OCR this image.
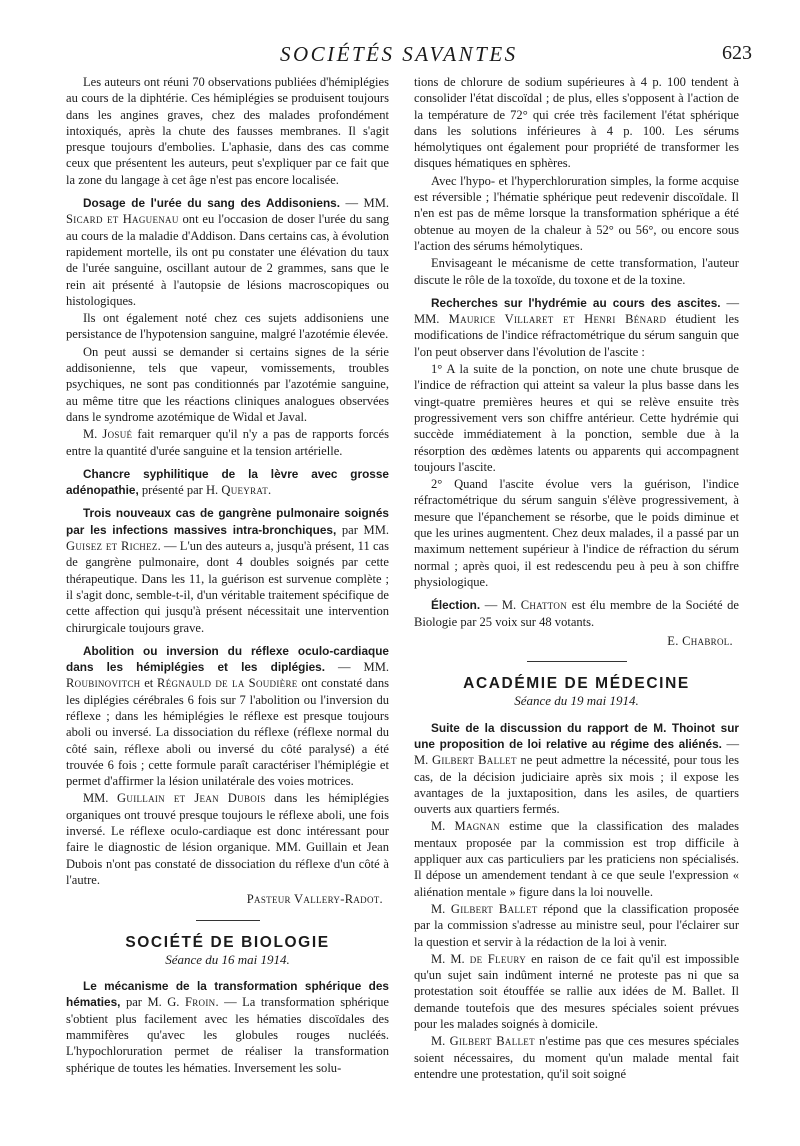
SOCIÉTÉS SAVANTES	623

Les auteurs ont réuni 70 observations publiées d'hémiplégies au cours de la diphtérie. Ces hémiplégies se produisent toujours dans les angines graves, chez des malades profondément intoxiqués, après la chute des fausses membranes. Il s'agit presque toujours d'embolies. L'aphasie, dans des cas comme ceux que présentent les auteurs, peut s'expliquer par ce fait que la zone du langage à cet âge n'est pas encore localisée.

Dosage de l'urée du sang des Addisoniens. — MM. Sicard et Haguenau ont eu l'occasion de doser l'urée du sang au cours de la maladie d'Addison. Dans certains cas, à évolution rapidement mortelle, ils ont pu constater une élévation du taux de l'urée sanguine, oscillant autour de 2 grammes, sans que le rein ait présenté à l'autopsie de lésions macroscopiques ou histologiques.

Ils ont également noté chez ces sujets addisoniens une persistance de l'hypotension sanguine, malgré l'azotémie élevée.

On peut aussi se demander si certains signes de la série addisonienne, tels que vapeur, vomissements, troubles psychiques, ne sont pas conditionnés par l'azotémie sanguine, au même titre que les réactions cliniques analogues observées dans le syndrome azotémique de Widal et Javal.

M. Josué fait remarquer qu'il n'y a pas de rapports forcés entre la quantité d'urée sanguine et la tension artérielle.

Chancre syphilitique de la lèvre avec grosse adénopathie, présenté par H. Queyrat.

Trois nouveaux cas de gangrène pulmonaire soignés par les infections massives intra-bronchiques, par MM. Guisez et Richez. — L'un des auteurs a, jusqu'à présent, 11 cas de gangrène pulmonaire, dont 4 doubles soignés par cette thérapeutique. Dans les 11, la guérison est survenue complète ; il s'agit donc, semble-t-il, d'un véritable traitement spécifique de cette affection qui jusqu'à présent nécessitait une intervention chirurgicale toujours grave.

Abolition ou inversion du réflexe oculo-cardiaque dans les hémiplégies et les diplégies. — MM. Roubinovitch et Régnauld de la Soudière ont constaté dans les diplégies cérébrales 6 fois sur 7 l'abolition ou l'inversion du réflexe ; dans les hémiplégies le réflexe est presque toujours aboli ou inversé. La dissociation du réflexe (réflexe normal du côté sain, réflexe aboli ou inversé du côté paralysé) a été trouvée 6 fois ; cette formule paraît caractériser l'hémiplégie et permet d'affirmer la lésion unilatérale des voies motrices.

MM. Guillain et Jean Dubois dans les hémiplégies organiques ont trouvé presque toujours le réflexe aboli, une fois inversé. Le réflexe oculo-cardiaque est donc intéressant pour faire le diagnostic de lésion organique. MM. Guillain et Jean Dubois n'ont pas constaté de dissociation du réflexe d'un côté à l'autre.

Pasteur Vallery-Radot.
SOCIÉTÉ DE BIOLOGIE
Séance du 16 mai 1914.

Le mécanisme de la transformation sphérique des hématies, par M. G. Froin. — La transformation sphérique s'obtient plus facilement avec les hématies discoïdales des mammifères qu'avec les globules rouges nucléés. L'hypochloruration permet de réaliser la transformation sphérique de toutes les hématies. Inversement les solu-

tions de chlorure de sodium supérieures à 4 p. 100 tendent à consolider l'état discoïdal ; de plus, elles s'opposent à l'action de la température de 72° qui crée très facilement l'état sphérique dans les solutions inférieures à 4 p. 100. Les sérums hémolytiques ont également pour propriété de transformer les disques hématiques en sphères.

Avec l'hypo- et l'hyperchloruration simples, la forme acquise est réversible ; l'hématie sphérique peut redevenir discoïdale. Il n'en est pas de même lorsque la transformation sphérique a été obtenue au moyen de la chaleur à 52° ou 56°, ou encore sous l'action des sérums hémolytiques.

Envisageant le mécanisme de cette transformation, l'auteur discute le rôle de la toxoïde, du toxone et de la toxine.

Recherches sur l'hydrémie au cours des ascites. — MM. Maurice Villaret et Henri Bénard étudient les modifications de l'indice réfractométrique du sérum sanguin que l'on peut observer dans l'évolution de l'ascite :

1° A la suite de la ponction, on note une chute brusque de l'indice de réfraction qui atteint sa valeur la plus basse dans les vingt-quatre premières heures et qui se relève ensuite très progressivement vers son chiffre antérieur. Cette hydrémie qui succède immédiatement à la ponction, semble due à la résorption des œdèmes latents ou apparents qui accompagnent toujours l'ascite.

2° Quand l'ascite évolue vers la guérison, l'indice réfractométrique du sérum sanguin s'élève progressivement, à mesure que l'épanchement se résorbe, que le poids diminue et que les urines augmentent. Chez deux malades, il a passé par un maximum nettement supérieur à l'indice de réfraction du sérum normal ; après quoi, il est redescendu peu à peu à son chiffre physiologique.

Élection. — M. Chatton est élu membre de la Société de Biologie par 25 voix sur 48 votants.

E. Chabrol.
ACADÉMIE DE MÉDECINE
Séance du 19 mai 1914.

Suite de la discussion du rapport de M. Thoinot sur une proposition de loi relative au régime des aliénés. — M. Gilbert Ballet ne peut admettre la nécessité, pour tous les cas, de la décision judiciaire après six mois ; il expose les avantages de la juxtaposition, dans les asiles, de quartiers ouverts aux quartiers fermés.

M. Magnan estime que la classification des malades mentaux proposée par la commission est trop difficile à appliquer aux cas particuliers par les praticiens non spécialisés. Il dépose un amendement tendant à ce que seule l'expression « aliénation mentale » figure dans la loi nouvelle.

M. Gilbert Ballet répond que la classification proposée par la commission s'adresse au ministre seul, pour l'éclairer sur la question et servir à la rédaction de la loi à venir.

M. M. de Fleury en raison de ce fait qu'il est impossible qu'un sujet sain indûment interné ne proteste pas ni que sa protestation soit étouffée se rallie aux idées de M. Ballet. Il demande toutefois que des mesures spéciales soient prévues pour les malades soignés à domicile.

M. Gilbert Ballet n'estime pas que ces mesures spéciales soient nécessaires, du moment qu'un malade mental fait entendre une protestation, qu'il soit soigné
